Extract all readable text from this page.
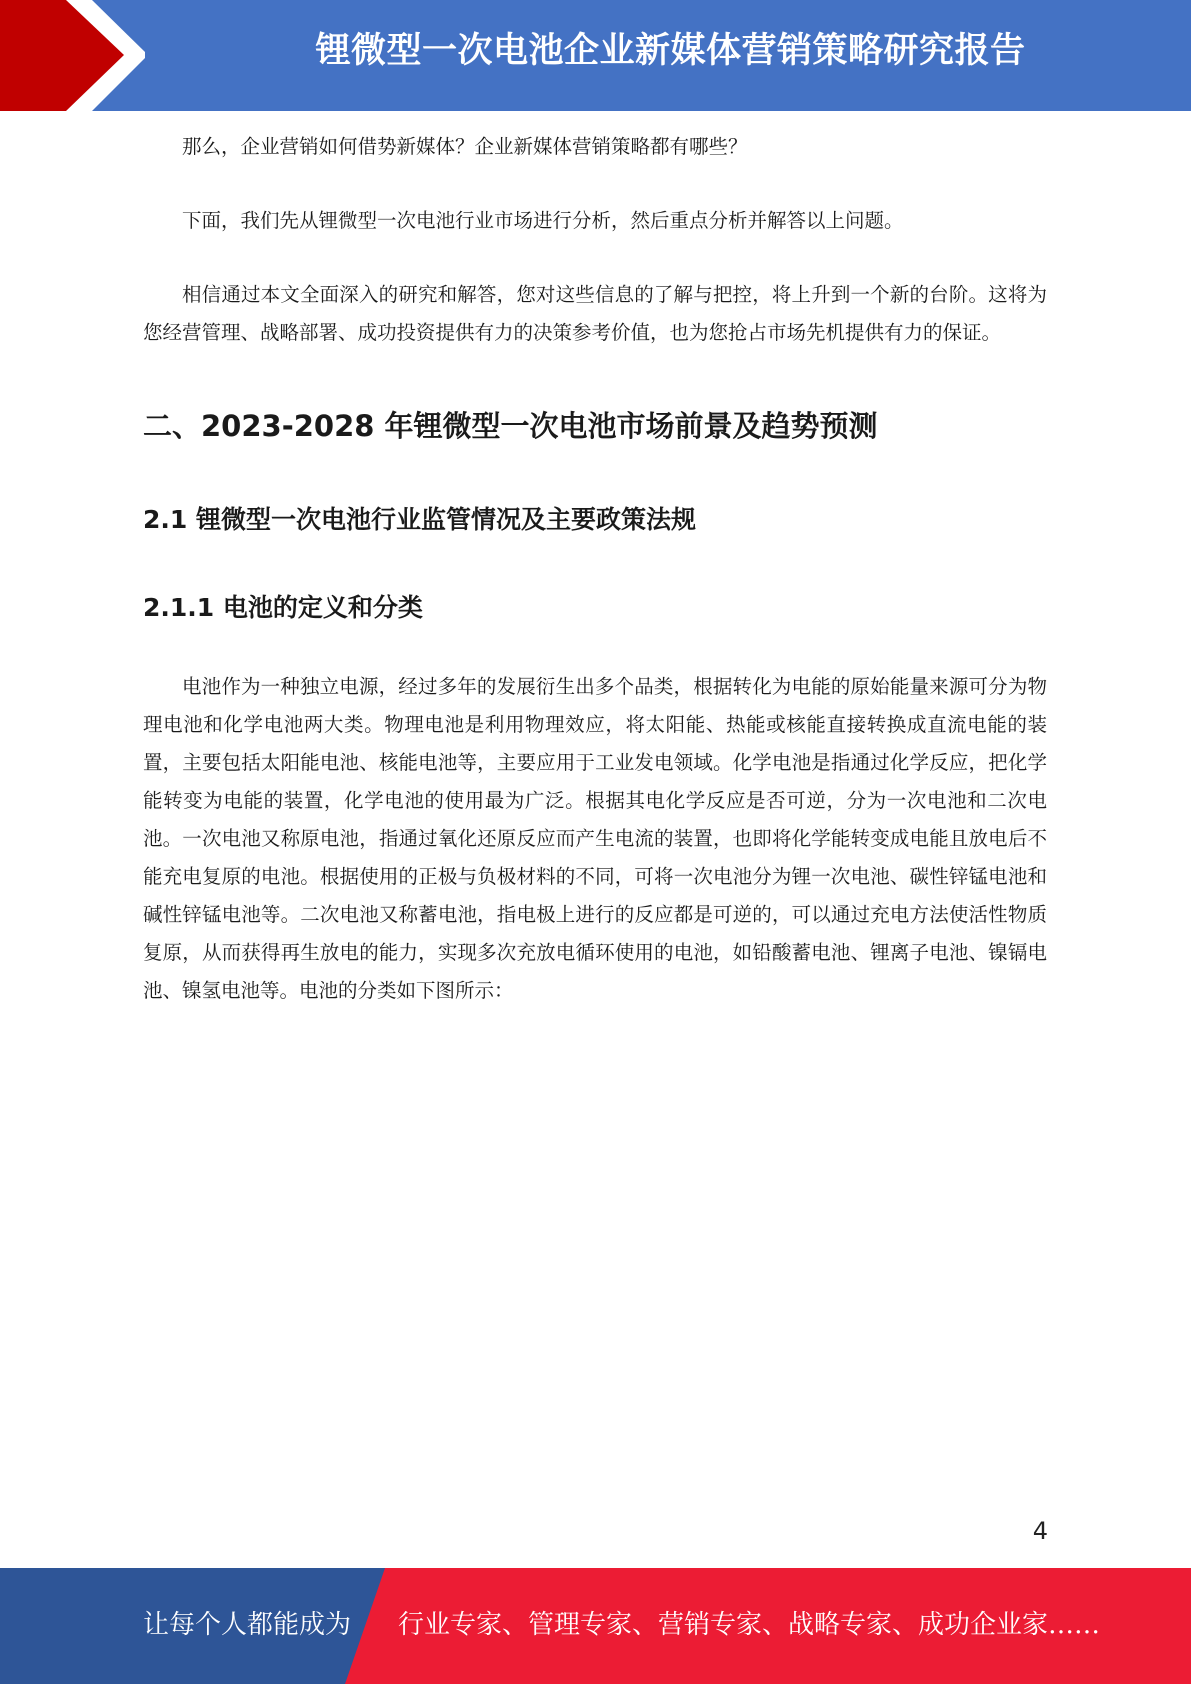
锂微型一次电池企业新媒体营销策略研究报告

那么，企业营销如何借势新媒体？企业新媒体营销策略都有哪些？

下面，我们先从锂微型一次电池行业市场进行分析，然后重点分析并解答以上问题。

相信通过本文全面深入的研究和解答，您对这些信息的了解与把控，将上升到一个新的台阶。这将为您经营管理、战略部署、成功投资提供有力的决策参考价值，也为您抢占市场先机提供有力的保证。

二、2023-2028 年锂微型一次电池市场前景及趋势预测
2.1 锂微型一次电池行业监管情况及主要政策法规
2.1.1 电池的定义和分类

电池作为一种独立电源，经过多年的发展衍生出多个品类，根据转化为电能的原始能量来源可分为物理电池和化学电池两大类。物理电池是利用物理效应，将太阳能、热能或核能直接转换成直流电能的装置，主要包括太阳能电池、核能电池等，主要应用于工业发电领域。化学电池是指通过化学反应，把化学能转变为电能的装置，化学电池的使用最为广泛。根据其电化学反应是否可逆，分为一次电池和二次电池。一次电池又称原电池，指通过氧化还原反应而产生电流的装置，也即将化学能转变成电能且放电后不能充电复原的电池。根据使用的正极与负极材料的不同，可将一次电池分为锂一次电池、碳性锌锰电池和碱性锌锰电池等。二次电池又称蓄电池，指电极上进行的反应都是可逆的，可以通过充电方法使活性物质复原，从而获得再生放电的能力，实现多次充放电循环使用的电池，如铅酸蓄电池、锂离子电池、镍镉电池、镍氢电池等。电池的分类如下图所示：

4
让每个人都能成为 行业专家、管理专家、营销专家、战略专家、成功企业家……
